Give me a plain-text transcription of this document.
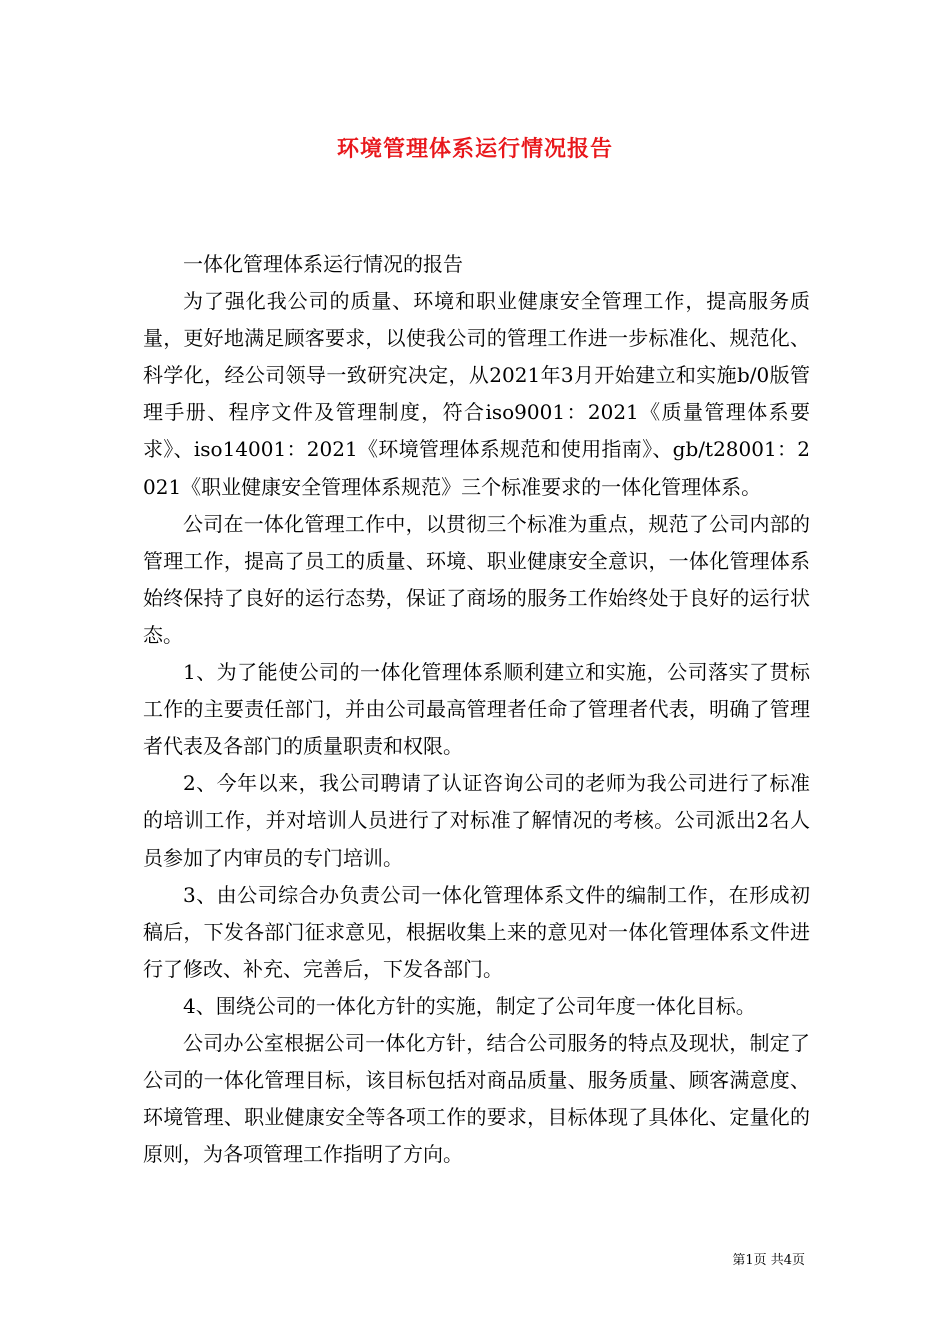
环境管理体系运行情况报告

一体化管理体系运行情况的报告

为了强化我公司的质量、环境和职业健康安全管理工作，提高服务质量，更好地满足顾客要求，以使我公司的管理工作进一步标准化、规范化、科学化，经公司领导一致研究决定，从2021年3月开始建立和实施b/0版管理手册、程序文件及管理制度，符合iso9001：2021《质量管理体系要求》、iso14001：2021《环境管理体系规范和使用指南》、gb/t28001：2021《职业健康安全管理体系规范》三个标准要求的一体化管理体系。

公司在一体化管理工作中，以贯彻三个标准为重点，规范了公司内部的管理工作，提高了员工的质量、环境、职业健康安全意识，一体化管理体系始终保持了良好的运行态势，保证了商场的服务工作始终处于良好的运行状态。

1、为了能使公司的一体化管理体系顺利建立和实施，公司落实了贯标工作的主要责任部门，并由公司最高管理者任命了管理者代表，明确了管理者代表及各部门的质量职责和权限。

2、今年以来，我公司聘请了认证咨询公司的老师为我公司进行了标准的培训工作，并对培训人员进行了对标准了解情况的考核。公司派出2名人员参加了内审员的专门培训。

3、由公司综合办负责公司一体化管理体系文件的编制工作，在形成初稿后，下发各部门征求意见，根据收集上来的意见对一体化管理体系文件进行了修改、补充、完善后，下发各部门。

4、围绕公司的一体化方针的实施，制定了公司年度一体化目标。

公司办公室根据公司一体化方针，结合公司服务的特点及现状，制定了公司的一体化管理目标，该目标包括对商品质量、服务质量、顾客满意度、环境管理、职业健康安全等各项工作的要求，目标体现了具体化、定量化的原则，为各项管理工作指明了方向。

第1页 共4页
